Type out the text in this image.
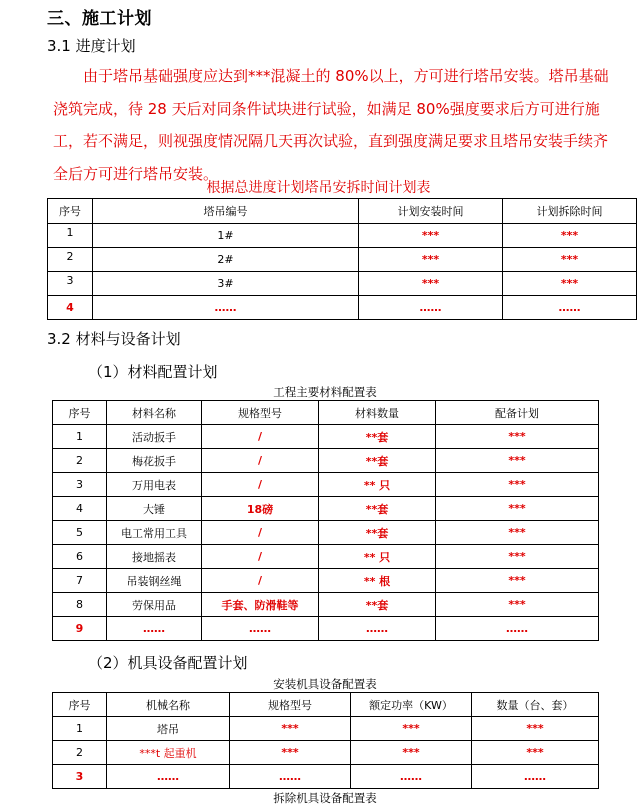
三、施工计划
3.1 进度计划
由于塔吊基础强度应达到***混凝土的 80%以上，方可进行塔吊安装。塔吊基础浇筑完成，待 28 天后对同条件试块进行试验，如满足 80%强度要求后方可进行施工，若不满足，则视强度情况隔几天再次试验，直到强度满足要求且塔吊安装手续齐全后方可进行塔吊安装。
根据总进度计划塔吊安拆时间计划表
序号	塔吊编号	计划安装时间	计划拆除时间
1	1#	***	***
2	2#	***	***
3	3#	***	***
4	……	……	……
3.2 材料与设备计划
（1）材料配置计划
工程主要材料配置表
序号	材料名称	规格型号	材料数量	配备计划
1	活动扳手	/	**套	***
2	梅花扳手	/	**套	***
3	万用电表	/	** 只	***
4	大锤	18磅	**套	***
5	电工常用工具	/	**套	***
6	接地摇表	/	** 只	***
7	吊装钢丝绳	/	** 根	***
8	劳保用品	手套、防滑鞋等	**套	***
9	……	……	……	……
（2）机具设备配置计划
安装机具设备配置表
序号	机械名称	规格型号	额定功率（KW）	数量（台、套）
1	塔吊	***	***	***
2	***t 起重机	***	***	***
3	……	……	……	……
拆除机具设备配置表
